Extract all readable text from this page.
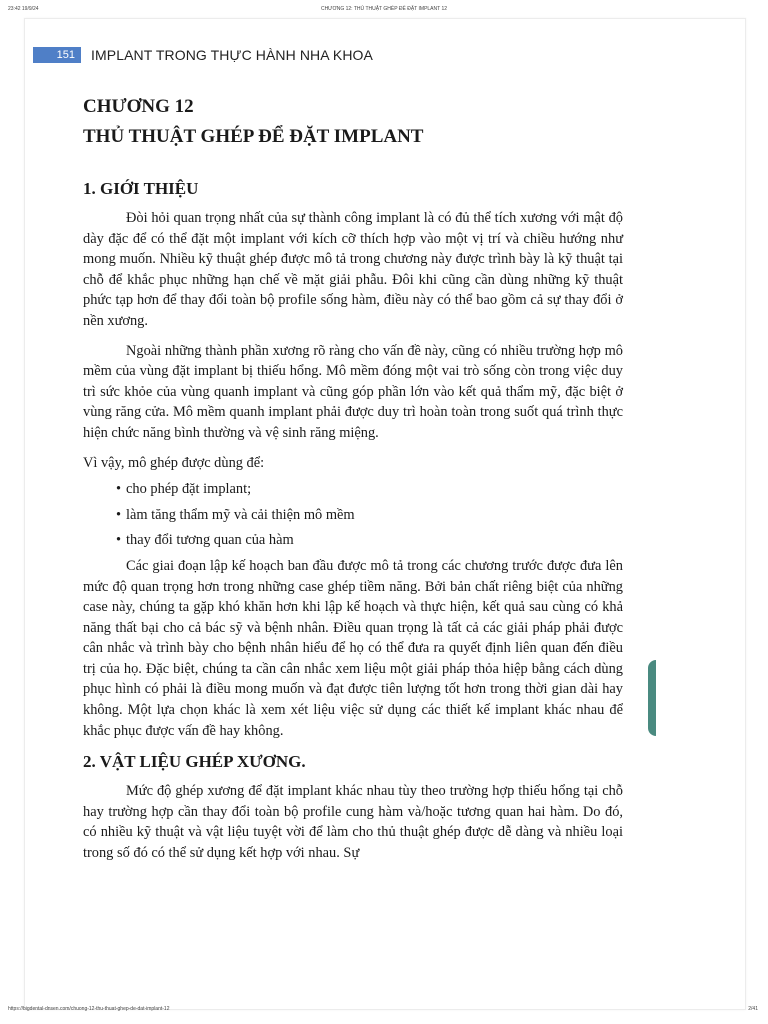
23:42 19/9/24	CHƯƠNG 12: THỦ THUẬT GHÉP ĐỂ ĐẶT IMPLANT 12
151	IMPLANT TRONG THỰC HÀNH NHA KHOA
CHƯƠNG 12
THỦ THUẬT GHÉP ĐỂ ĐẶT IMPLANT
1. GIỚI THIỆU

Đòi hỏi quan trọng nhất của sự thành công implant là có đủ thể tích xương với mật độ dày đặc để có thể đặt một implant với kích cỡ thích hợp vào một vị trí và chiều hướng như mong muốn. Nhiều kỹ thuật ghép được mô tả trong chương này được trình bày là kỹ thuật tại chỗ để khắc phục những hạn chế về mặt giải phẫu. Đôi khi cũng cần dùng những kỹ thuật phức tạp hơn để thay đổi toàn bộ profile sống hàm, điều này có thể bao gồm cả sự thay đổi ở nền xương.

Ngoài những thành phần xương rõ ràng cho vấn đề này, cũng có nhiều trường hợp mô mềm của vùng đặt implant bị thiếu hổng. Mô mềm đóng một vai trò sống còn trong việc duy trì sức khỏe của vùng quanh implant và cũng góp phần lớn vào kết quả thẩm mỹ, đặc biệt ở vùng răng cửa. Mô mềm quanh implant phải được duy trì hoàn toàn trong suốt quá trình thực hiện chức năng bình thường và vệ sinh răng miệng.

Vì vậy, mô ghép được dùng để:

• cho phép đặt implant;
• làm tăng thẩm mỹ và cải thiện mô mềm
• thay đổi tương quan của hàm

Các giai đoạn lập kế hoạch ban đầu được mô tả trong các chương trước được đưa lên mức độ quan trọng hơn trong những case ghép tiềm năng. Bởi bản chất riêng biệt của những case này, chúng ta gặp khó khăn hơn khi lập kế hoạch và thực hiện, kết quả sau cùng có khả năng thất bại cho cả bác sỹ và bệnh nhân. Điều quan trọng là tất cả các giải pháp phải được cân nhắc và trình bày cho bệnh nhân hiểu để họ có thể đưa ra quyết định liên quan đến điều trị của họ. Đặc biệt, chúng ta cần cân nhắc xem liệu một giải pháp thỏa hiệp bằng cách dùng phục hình có phải là điều mong muốn và đạt được tiên lượng tốt hơn trong thời gian dài hay không. Một lựa chọn khác là xem xét liệu việc sử dụng các thiết kế implant khác nhau để khắc phục được vấn đề hay không.

2. VẬT LIỆU GHÉP XƯƠNG.

Mức độ ghép xương để đặt implant khác nhau tùy theo trường hợp thiếu hổng tại chỗ hay trường hợp cần thay đổi toàn bộ profile cung hàm và/hoặc tương quan hai hàm. Do đó, có nhiều kỹ thuật và vật liệu tuyệt vời để làm cho thủ thuật ghép được dễ dàng và nhiều loại trong số đó có thể sử dụng kết hợp với nhau. Sự

https://bigdental-dnsen.com/chuong-12-thu-thuat-ghep-de-dat-implant-12	2/41
